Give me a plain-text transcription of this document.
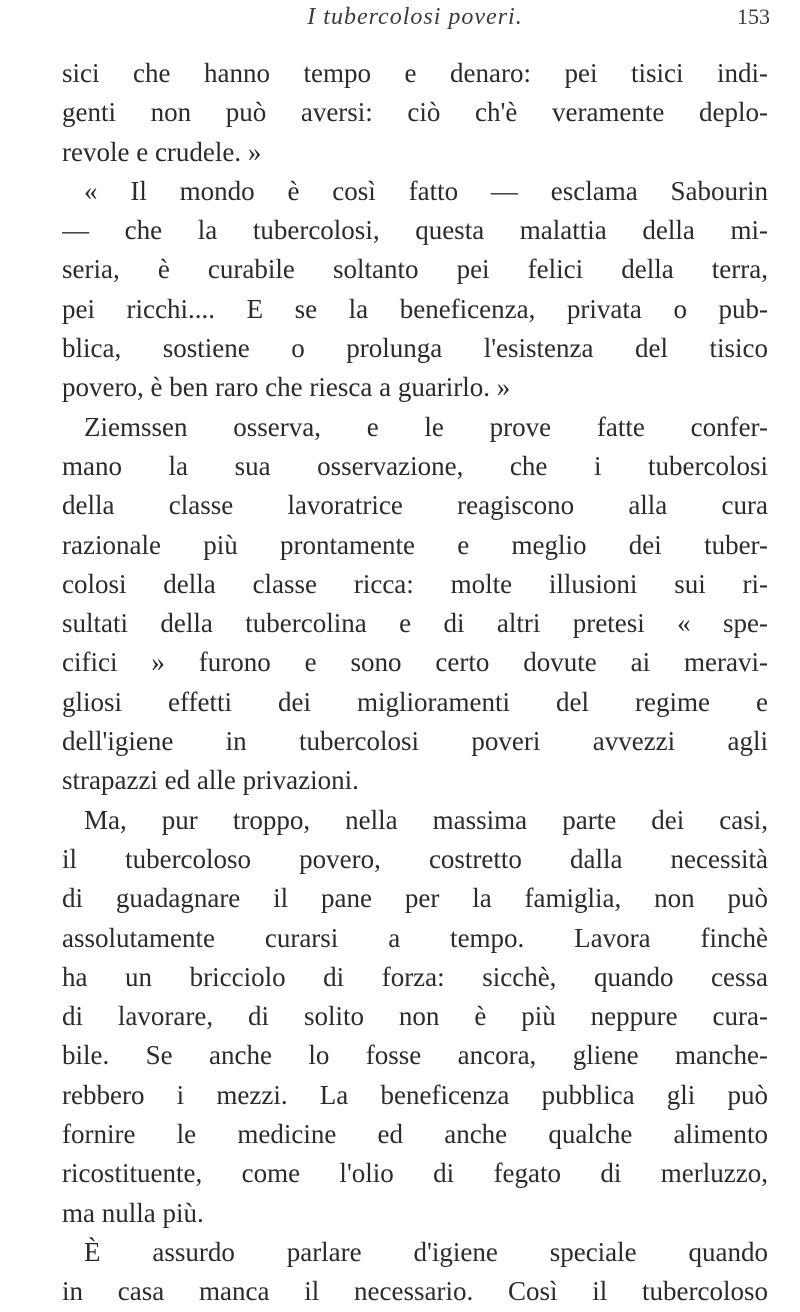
I tubercolosi poveri.	153
sici che hanno tempo e denaro: pei tisici indi-
genti non può aversi: ciò ch'è veramente deplo-
revole e crudele. »
« Il mondo è così fatto — esclama Sabourin
— che la tubercolosi, questa malattia della mi-
seria, è curabile soltanto pei felici della terra,
pei ricchi.... E se la beneficenza, privata o pub-
blica, sostiene o prolunga l'esistenza del tisico
povero, è ben raro che riesca a guarirlo. »
Ziemssen osserva, e le prove fatte confer-
mano la sua osservazione, che i tubercolosi
della classe lavoratrice reagiscono alla cura
razionale più prontamente e meglio dei tuber-
colosi della classe ricca: molte illusioni sui ri-
sultati della tubercolina e di altri pretesi « spe-
cifici » furono e sono certo dovute ai meravi-
gliosi effetti dei miglioramenti del regime e
dell'igiene in tubercolosi poveri avvezzi agli
strapazzi ed alle privazioni.
Ma, pur troppo, nella massima parte dei casi,
il tubercoloso povero, costretto dalla necessità
di guadagnare il pane per la famiglia, non può
assolutamente curarsi a tempo. Lavora finchè
ha un bricciolo di forza: sicchè, quando cessa
di lavorare, di solito non è più neppure cura-
bile. Se anche lo fosse ancora, gliene manche-
rebbero i mezzi. La beneficenza pubblica gli può
fornire le medicine ed anche qualche alimento
ricostituente, come l'olio di fegato di merluzzo,
ma nulla più.
È assurdo parlare d'igiene speciale quando
in casa manca il necessario. Così il tubercoloso
